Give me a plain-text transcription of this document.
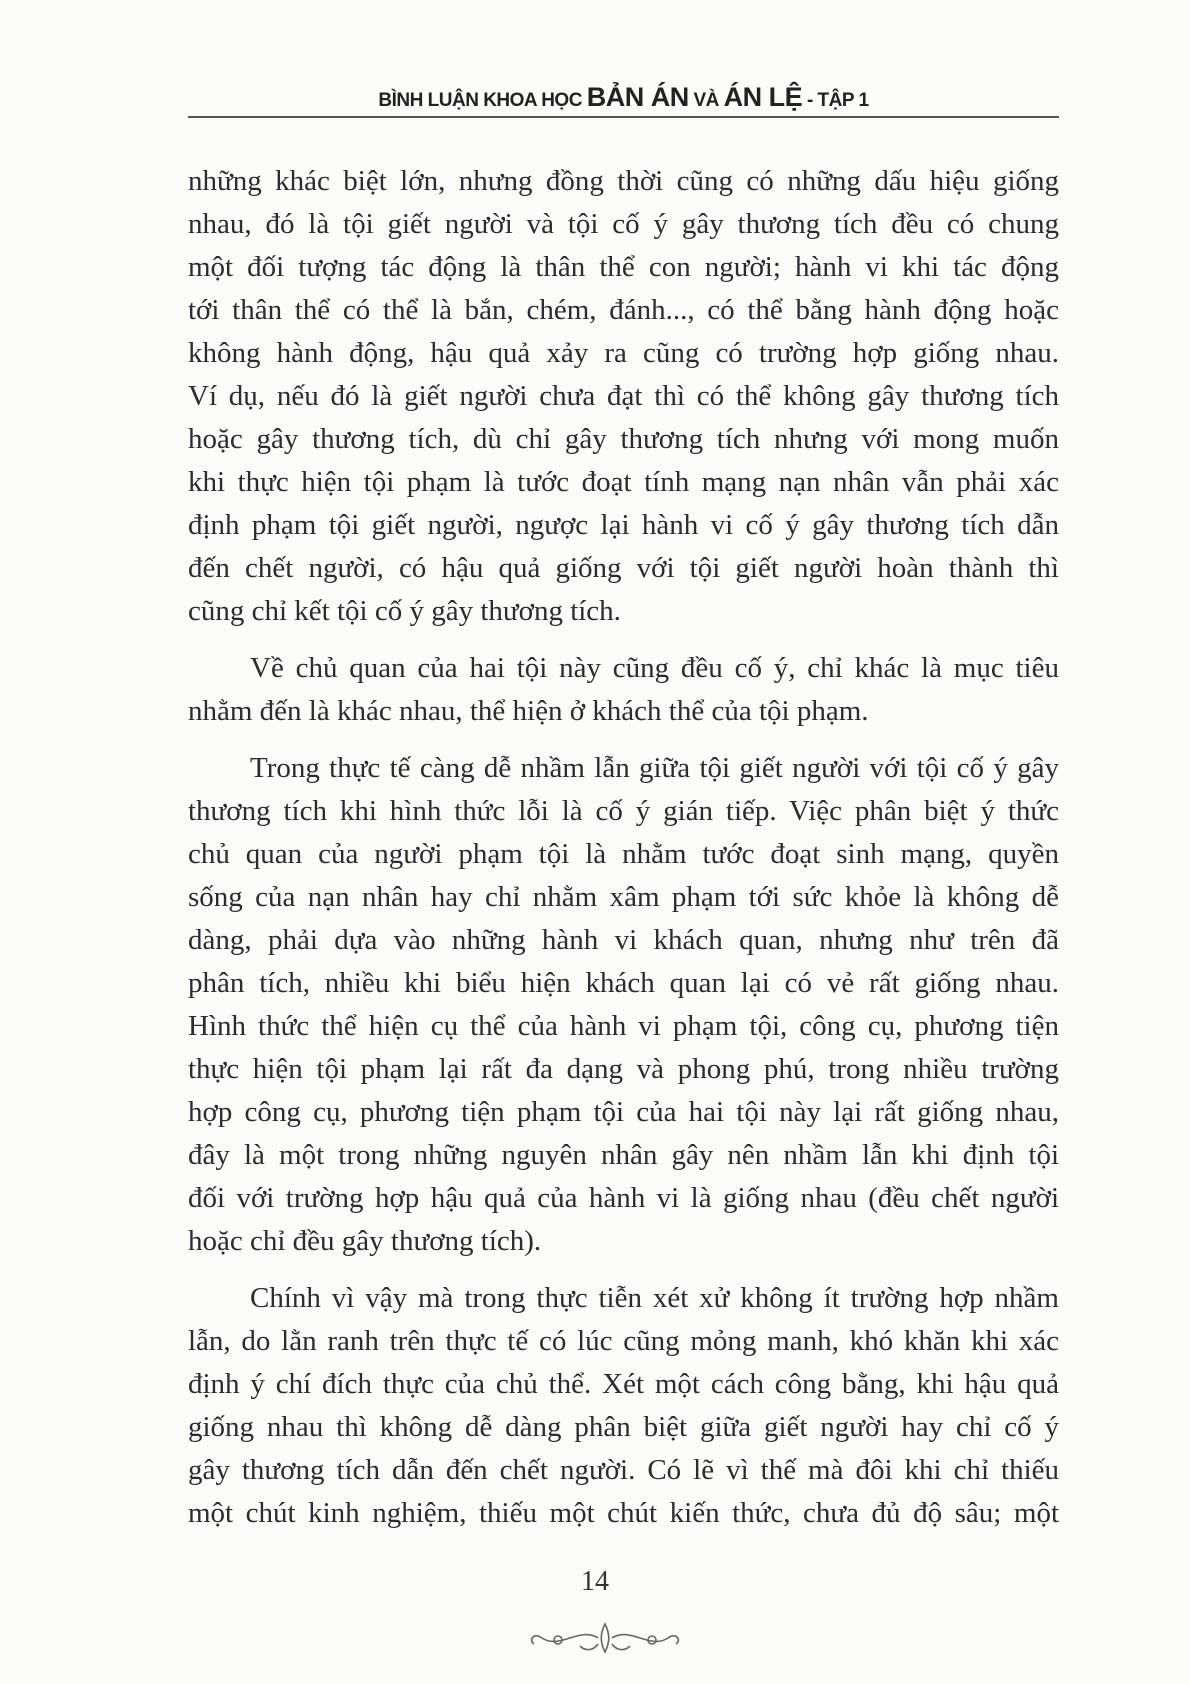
BÌNH LUẬN KHOA HỌC BẢN ÁN VÀ ÁN LỆ - TẬP 1
những khác biệt lớn, nhưng đồng thời cũng có những dấu hiệu giống
nhau, đó là tội giết người và tội cố ý gây thương tích đều có chung
một đối tượng tác động là thân thể con người; hành vi khi tác động
tới thân thể có thể là bắn, chém, đánh..., có thể bằng hành động hoặc
không hành động, hậu quả xảy ra cũng có trường hợp giống nhau.
Ví dụ, nếu đó là giết người chưa đạt thì có thể không gây thương tích
hoặc gây thương tích, dù chỉ gây thương tích nhưng với mong muốn
khi thực hiện tội phạm là tước đoạt tính mạng nạn nhân vẫn phải xác
định phạm tội giết người, ngược lại hành vi cố ý gây thương tích dẫn
đến chết người, có hậu quả giống với tội giết người hoàn thành thì
cũng chỉ kết tội cố ý gây thương tích.
Về chủ quan của hai tội này cũng đều cố ý, chỉ khác là mục tiêu
nhằm đến là khác nhau, thể hiện ở khách thể của tội phạm.
Trong thực tế càng dễ nhầm lẫn giữa tội giết người với tội cố ý gây
thương tích khi hình thức lỗi là cố ý gián tiếp. Việc phân biệt ý thức
chủ quan của người phạm tội là nhằm tước đoạt sinh mạng, quyền
sống của nạn nhân hay chỉ nhằm xâm phạm tới sức khỏe là không dễ
dàng, phải dựa vào những hành vi khách quan, nhưng như trên đã
phân tích, nhiều khi biểu hiện khách quan lại có vẻ rất giống nhau.
Hình thức thể hiện cụ thể của hành vi phạm tội, công cụ, phương tiện
thực hiện tội phạm lại rất đa dạng và phong phú, trong nhiều trường
hợp công cụ, phương tiện phạm tội của hai tội này lại rất giống nhau,
đây là một trong những nguyên nhân gây nên nhầm lẫn khi định tội
đối với trường hợp hậu quả của hành vi là giống nhau (đều chết người
hoặc chỉ đều gây thương tích).
Chính vì vậy mà trong thực tiễn xét xử không ít trường hợp nhầm
lẫn, do lằn ranh trên thực tế có lúc cũng mỏng manh, khó khăn khi xác
định ý chí đích thực của chủ thể. Xét một cách công bằng, khi hậu quả
giống nhau thì không dễ dàng phân biệt giữa giết người hay chỉ cố ý
gây thương tích dẫn đến chết người. Có lẽ vì thế mà đôi khi chỉ thiếu
một chút kinh nghiệm, thiếu một chút kiến thức, chưa đủ độ sâu; một
14
